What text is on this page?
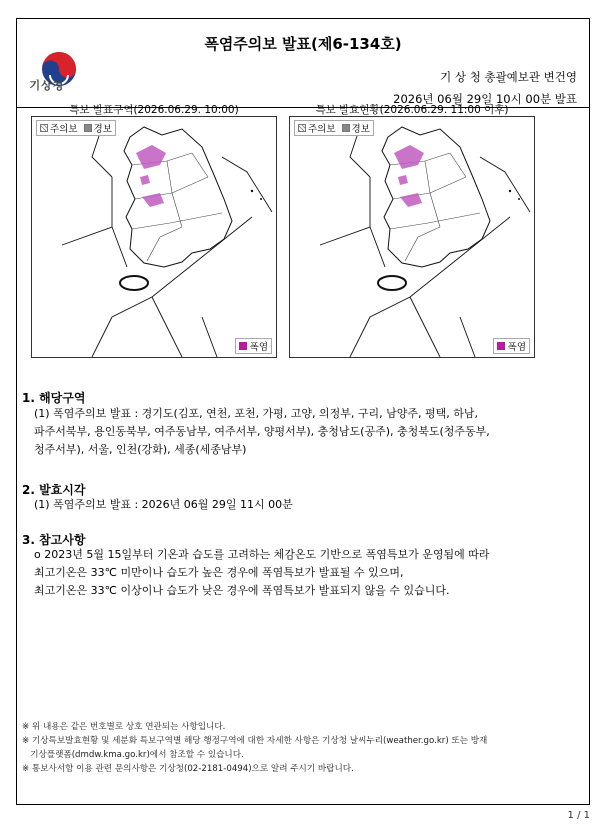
기상청
폭염주의보 발표(제6-134호)
기 상 청 총괄예보관 변건영
2026년 06월 29일 10시 00분 발표
특보 발표구역(2026.06.29. 10:00)
주의보 경보
폭염
특보 발효현황(2026.06.29. 11:00 이후)
주의보 경보
폭염
1. 해당구역
(1) 폭염주의보 발표 : 경기도(김포, 연천, 포천, 가평, 고양, 의정부, 구리, 남양주, 평택, 하남,
파주서북부, 용인동북부, 여주동남부, 여주서부, 양평서부), 충청남도(공주), 충청북도(청주동부,
청주서부), 서울, 인천(강화), 세종(세종남부)
2. 발효시각
(1) 폭염주의보 발표 : 2026년 06월 29일 11시 00분
3. 참고사항
o 2023년 5월 15일부터 기온과 습도를 고려하는 체감온도 기반으로 폭염특보가 운영됨에 따라
최고기온은 33℃ 미만이나 습도가 높은 경우에 폭염특보가 발표될 수 있으며,
최고기온은 33℃ 이상이나 습도가 낮은 경우에 폭염특보가 발표되지 않을 수 있습니다.
※ 위 내용은 같은 번호별로 상호 연관되는 사항입니다.
※ 기상특보발효현황 및 세분화 특보구역별 해당 행정구역에 대한 자세한 사항은 기상청 날씨누리(weather.go.kr) 또는 방재
기상플랫폼(dmdw.kma.go.kr)에서 참조할 수 있습니다.
※ 통보사서함 이용 관련 문의사항은 기상청(02-2181-0494)으로 알려 주시기 바랍니다.
1 / 1
